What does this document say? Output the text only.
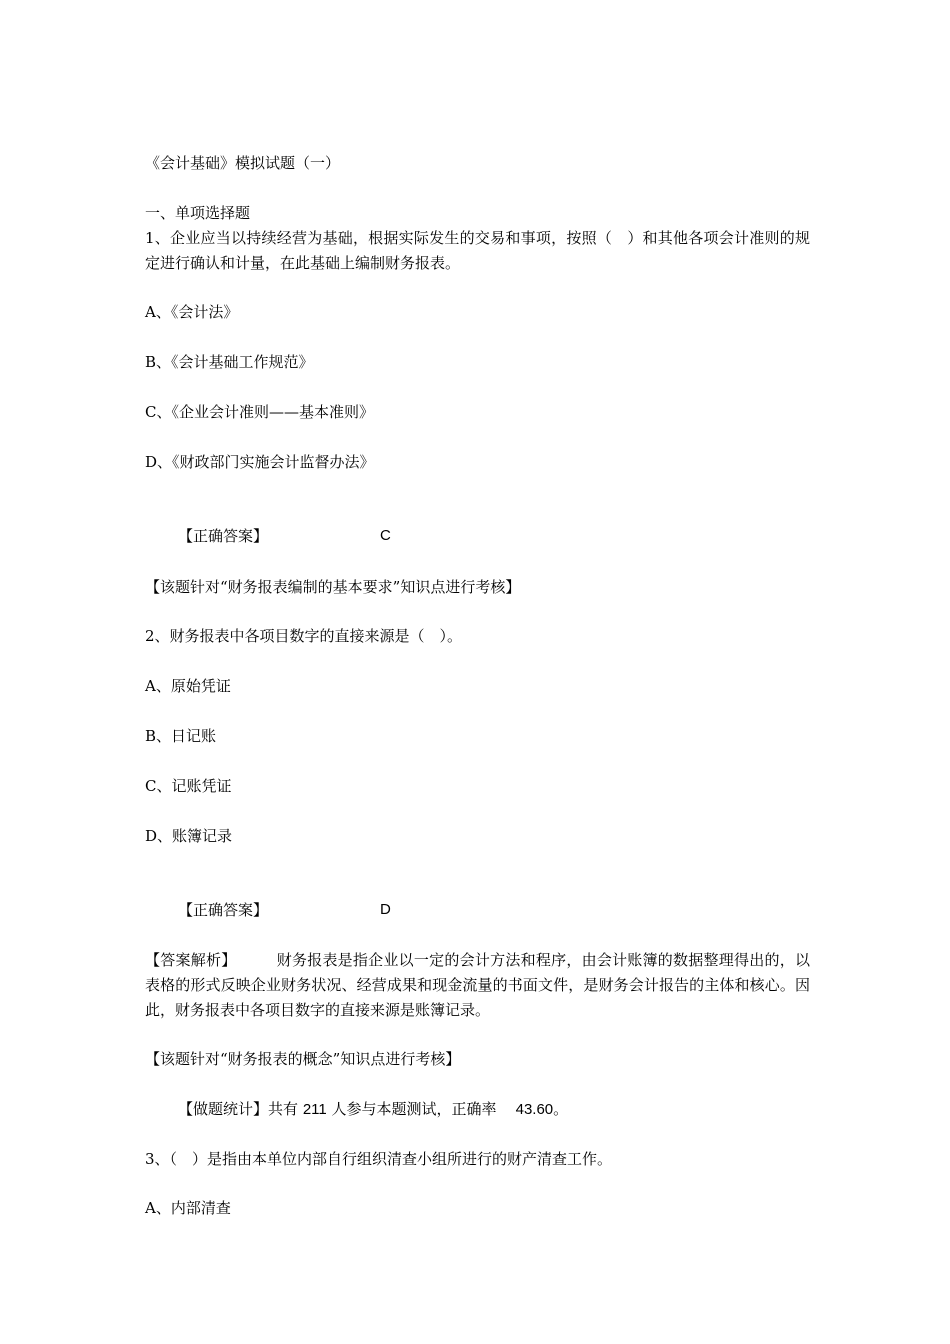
《会计基础》模拟试题（一）
一、单项选择题
1、企业应当以持续经营为基础，根据实际发生的交易和事项，按照（　）和其他各项会计准则的规定进行确认和计量，在此基础上编制财务报表。
A、《会计法》
B、《会计基础工作规范》
C、《企业会计准则——基本准则》
D、《财政部门实施会计监督办法》
【正确答案】	C
【该题针对“财务报表编制的基本要求”知识点进行考核】
2、财务报表中各项目数字的直接来源是（　）。
A、原始凭证
B、日记账
C、记账凭证
D、账簿记录
【正确答案】	D
【答案解析】	财务报表是指企业以一定的会计方法和程序，由会计账簿的数据整理得出的，以表格的形式反映企业财务状况、经营成果和现金流量的书面文件，是财务会计报告的主体和核心。因此，财务报表中各项目数字的直接来源是账簿记录。
【该题针对“财务报表的概念”知识点进行考核】
【做题统计】共有 211 人参与本题测试，正确率 43.60。
3、（　）是指由本单位内部自行组织清查小组所进行的财产清查工作。
A、内部清查
